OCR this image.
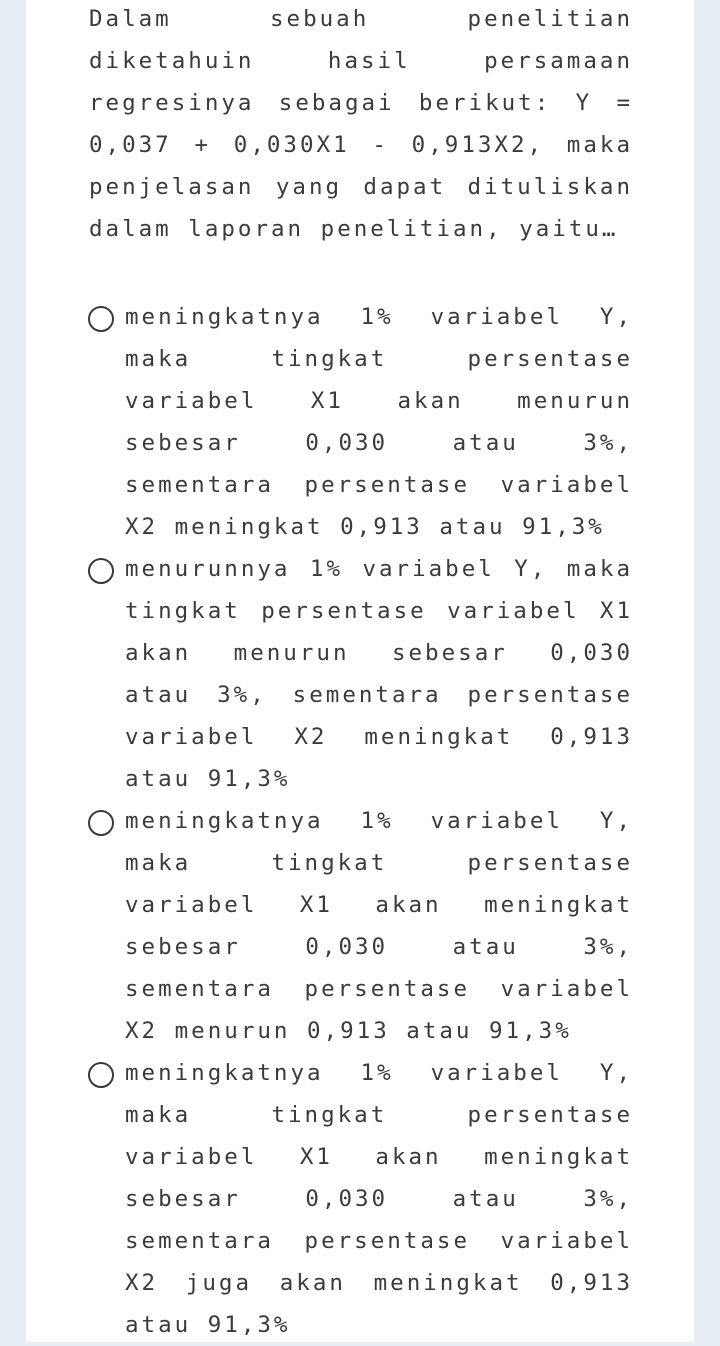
Dalam sebuah penelitian diketahuin hasil persamaan regresinya sebagai berikut: Y = 0,037 + 0,030X1 - 0,913X2, maka penjelasan yang dapat dituliskan dalam laporan penelitian, yaitu…
meningkatnya 1% variabel Y, maka tingkat persentase variabel X1 akan menurun sebesar 0,030 atau 3%, sementara persentase variabel X2 meningkat 0,913 atau 91,3%
menurunnya 1% variabel Y, maka tingkat persentase variabel X1 akan menurun sebesar 0,030 atau 3%, sementara persentase variabel X2 meningkat 0,913 atau 91,3%
meningkatnya 1% variabel Y, maka tingkat persentase variabel X1 akan meningkat sebesar 0,030 atau 3%, sementara persentase variabel X2 menurun 0,913 atau 91,3%
meningkatnya 1% variabel Y, maka tingkat persentase variabel X1 akan meningkat sebesar 0,030 atau 3%, sementara persentase variabel X2 juga akan meningkat 0,913 atau 91,3%
